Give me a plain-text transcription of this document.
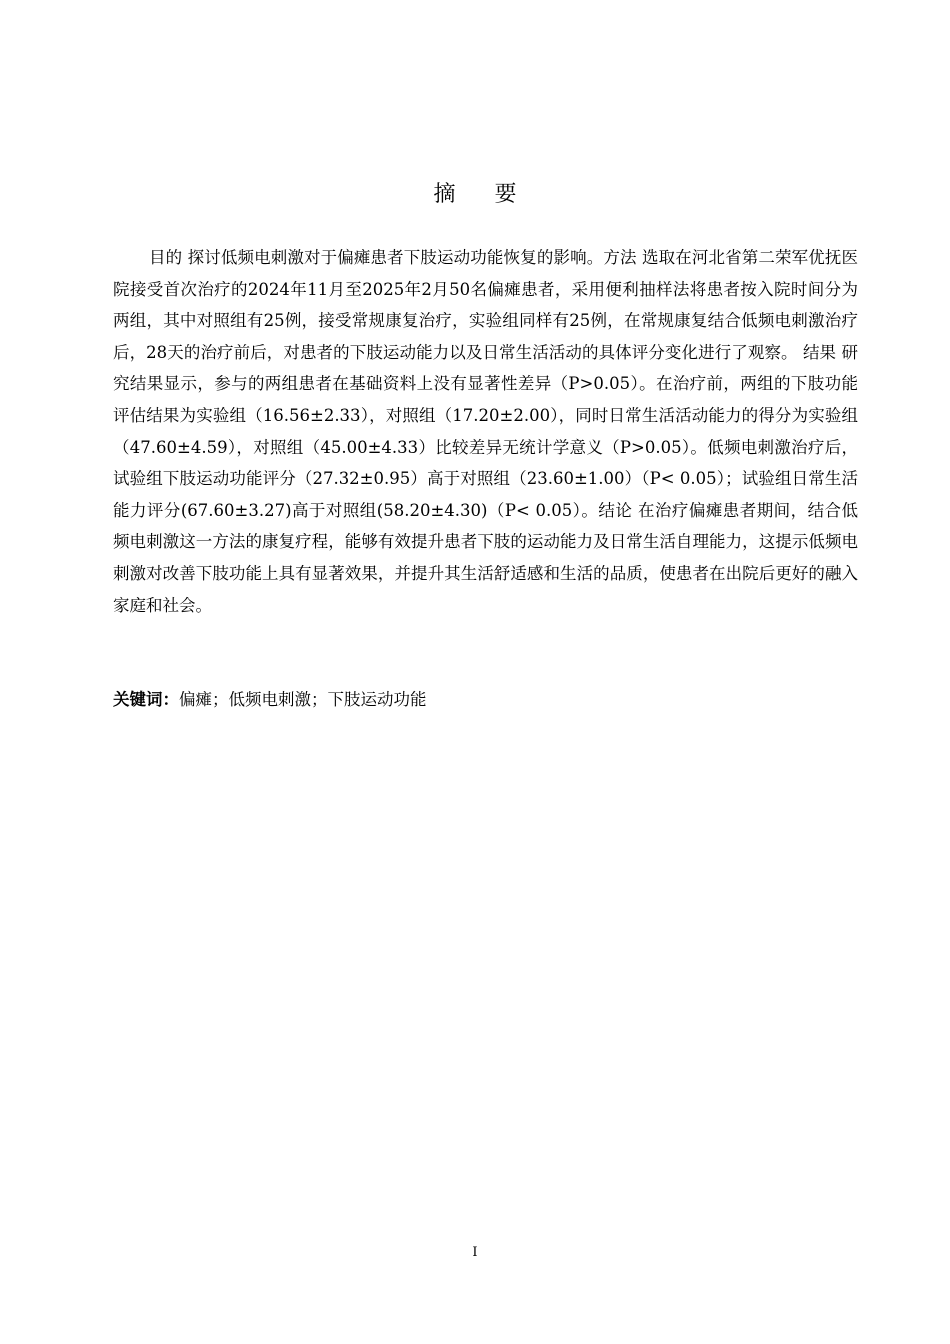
摘 要

目的 探讨低频电刺激对于偏瘫患者下肢运动功能恢复的影响。方法 选取在河北省第二荣军优抚医院接受首次治疗的2024年11月至2025年2月50名偏瘫患者，采用便利抽样法将患者按入院时间分为两组，其中对照组有25例，接受常规康复治疗，实验组同样有25例，在常规康复结合低频电刺激治疗后，28天的治疗前后，对患者的下肢运动能力以及日常生活活动的具体评分变化进行了观察。 结果 研究结果显示，参与的两组患者在基础资料上没有显著性差异（P>0.05）。在治疗前，两组的下肢功能评估结果为实验组（16.56±2.33），对照组（17.20±2.00），同时日常生活活动能力的得分为实验组（47.60±4.59），对照组（45.00±4.33）比较差异无统计学意义（P>0.05）。低频电刺激治疗后，试验组下肢运动功能评分（27.32±0.95）高于对照组（23.60±1.00）（P< 0.05）；试验组日常生活能力评分(67.60±3.27)高于对照组(58.20±4.30)（P< 0.05）。结论 在治疗偏瘫患者期间，结合低频电刺激这一方法的康复疗程，能够有效提升患者下肢的运动能力及日常生活自理能力，这提示低频电刺激对改善下肢功能上具有显著效果，并提升其生活舒适感和生活的品质，使患者在出院后更好的融入家庭和社会。

关键词：偏瘫；低频电刺激；下肢运动功能

I
